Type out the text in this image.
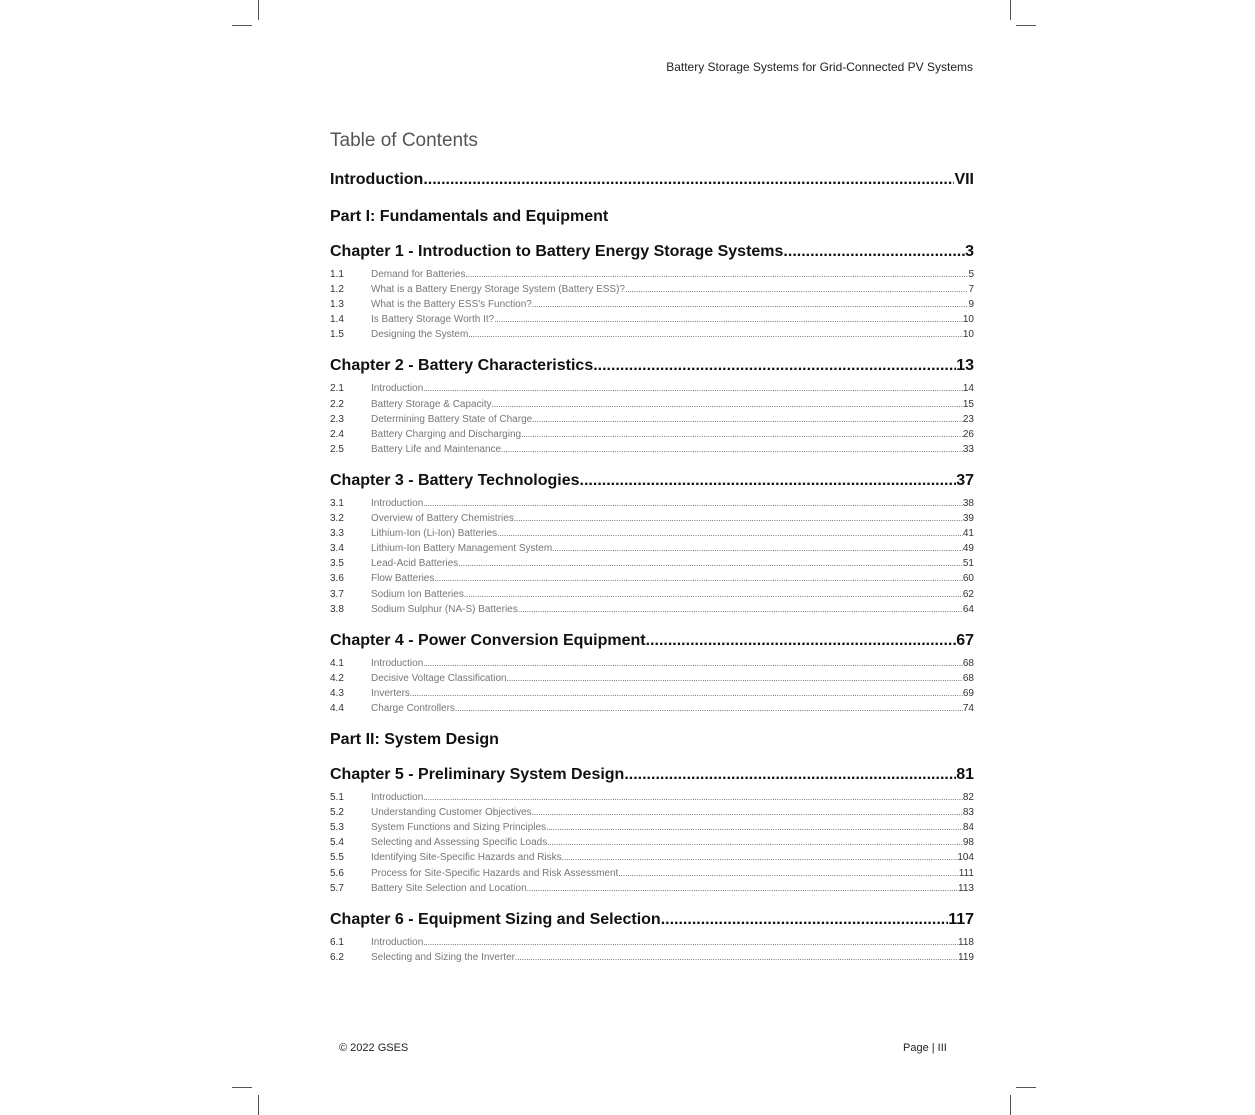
Battery Storage Systems for Grid-Connected PV Systems
Table of Contents
Introduction .....	VII
Part I: Fundamentals and Equipment
Chapter 1 - Introduction to Battery Energy Storage Systems .....	3
1.1	Demand for Batteries .....	5
1.2	What is a Battery Energy Storage System (Battery ESS)? .....	7
1.3	What is the Battery ESS's Function? .....	9
1.4	Is Battery Storage Worth It? .....	10
1.5	Designing the System .....	10
Chapter 2 - Battery Characteristics .....	13
2.1	Introduction .....	14
2.2	Battery Storage & Capacity .....	15
2.3	Determining Battery State of Charge .....	23
2.4	Battery Charging and Discharging .....	26
2.5	Battery Life and Maintenance .....	33
Chapter 3 - Battery Technologies .....	37
3.1	Introduction .....	38
3.2	Overview of Battery Chemistries .....	39
3.3	Lithium-Ion (Li-Ion) Batteries .....	41
3.4	Lithium-Ion Battery Management System .....	49
3.5	Lead-Acid Batteries .....	51
3.6	Flow Batteries .....	60
3.7	Sodium Ion Batteries .....	62
3.8	Sodium Sulphur (NA-S) Batteries .....	64
Chapter 4 - Power Conversion Equipment .....	67
4.1	Introduction .....	68
4.2	Decisive Voltage Classification .....	68
4.3	Inverters .....	69
4.4	Charge Controllers .....	74
Part II: System Design
Chapter 5 - Preliminary System Design .....	81
5.1	Introduction .....	82
5.2	Understanding Customer Objectives .....	83
5.3	System Functions and Sizing Principles .....	84
5.4	Selecting and Assessing Specific Loads .....	98
5.5	Identifying Site-Specific Hazards and Risks .....	104
5.6	Process for Site-Specific Hazards and Risk Assessment .....	111
5.7	Battery Site Selection and Location .....	113
Chapter 6 - Equipment Sizing and Selection .....	117
6.1	Introduction .....	118
6.2	Selecting and Sizing the Inverter .....	119
© 2022 GSES	Page | III
